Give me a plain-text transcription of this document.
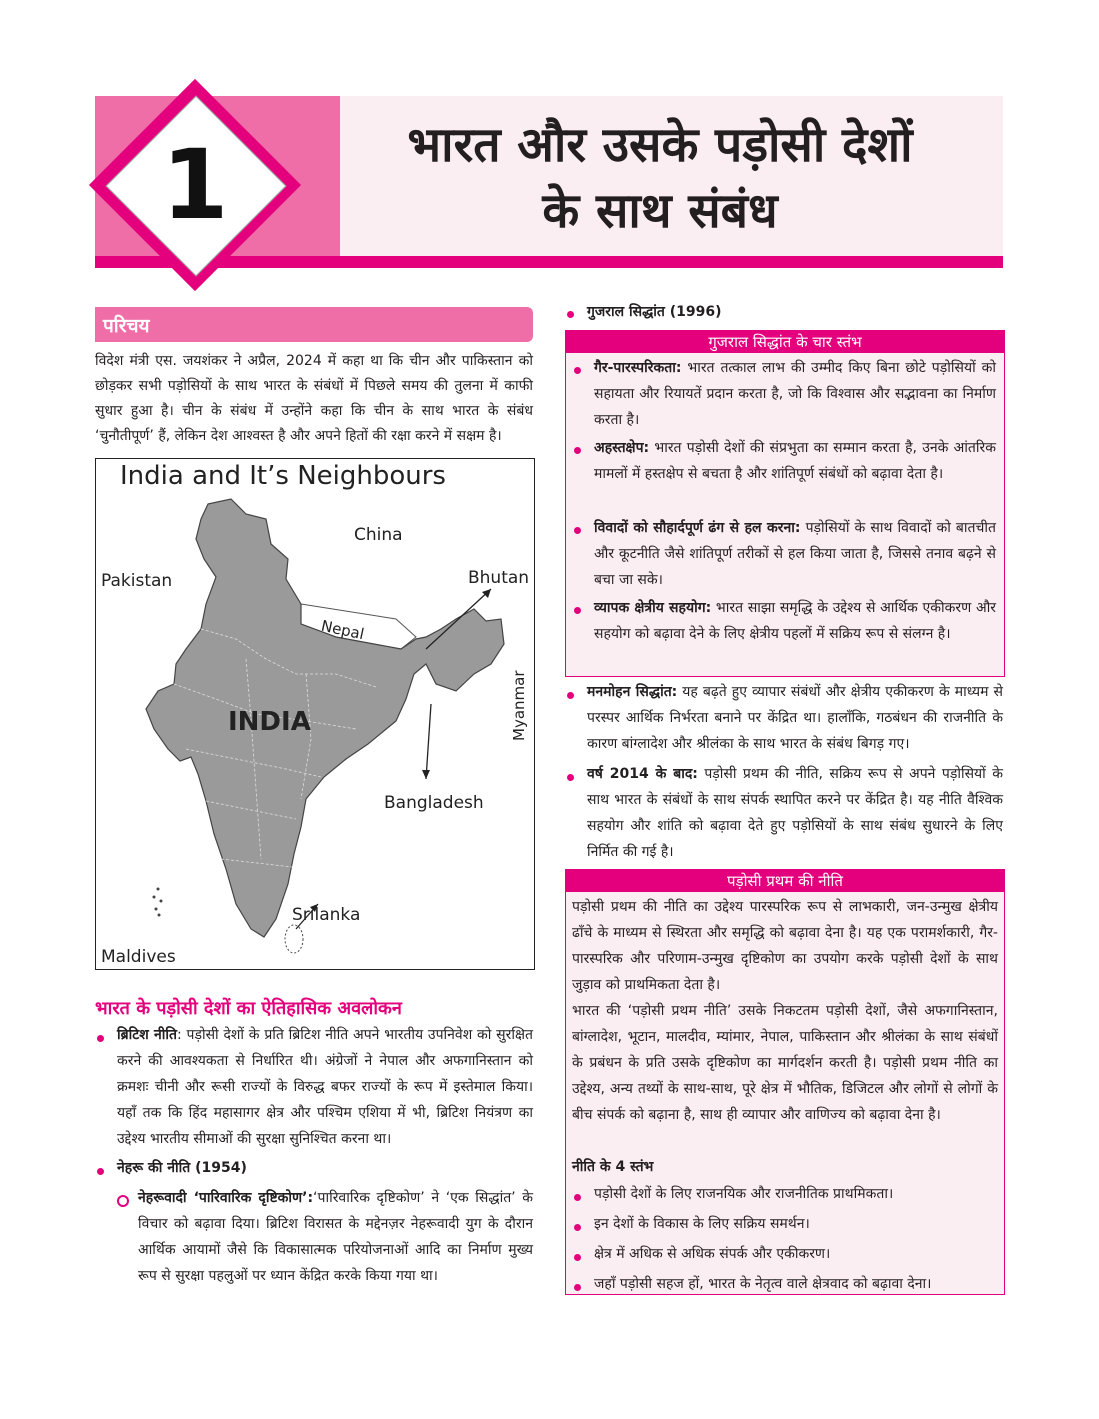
1	भारत और उसके पड़ोसी देशों
के साथ संबंध
परिचय
विदेश मंत्री एस. जयशंकर ने अप्रैल, 2024 में कहा था कि चीन और पाकिस्तान को छोड़कर सभी पड़ोसियों के साथ भारत के संबंधों में पिछले समय की तुलना में काफी सुधार हुआ है। चीन के संबंध में उन्होंने कहा कि चीन के साथ भारत के संबंध ‘चुनौतीपूर्ण’ हैं, लेकिन देश आश्वस्त है और अपने हितों की रक्षा करने में सक्षम है।
India and It’s Neighbours
China
Pakistan	Bhutan
Nepal
Myanmar
INDIA
Bangladesh
Srilanka
Maldives
भारत के पड़ोसी देशों का ऐतिहासिक अवलोकन
ब्रिटिश नीति: पड़ोसी देशों के प्रति ब्रिटिश नीति अपने भारतीय उपनिवेश को सुरक्षित करने की आवश्यकता से निर्धारित थी। अंग्रेजों ने नेपाल और अफगानिस्तान को क्रमशः चीनी और रूसी राज्यों के विरुद्ध बफर राज्यों के रूप में इस्तेमाल किया। यहाँ तक कि हिंद महासागर क्षेत्र और पश्चिम एशिया में भी, ब्रिटिश नियंत्रण का उद्देश्य भारतीय सीमाओं की सुरक्षा सुनिश्चित करना था।
नेहरू की नीति (1954)
नेहरूवादी ‘पारिवारिक दृष्टिकोण’:‘पारिवारिक दृष्टिकोण’ ने ‘एक सिद्धांत’ के विचार को बढ़ावा दिया। ब्रिटिश विरासत के मद्देनज़र नेहरूवादी युग के दौरान आर्थिक आयामों जैसे कि विकासात्मक परियोजनाओं आदि का निर्माण मुख्य रूप से सुरक्षा पहलुओं पर ध्यान केंद्रित करके किया गया था।
गुजराल सिद्धांत (1996)
गुजराल सिद्धांत के चार स्तंभ
गैर-पारस्परिकता: भारत तत्काल लाभ की उम्मीद किए बिना छोटे पड़ोसियों को सहायता और रियायतें प्रदान करता है, जो कि विश्वास और सद्भावना का निर्माण करता है।
अहस्तक्षेप: भारत पड़ोसी देशों की संप्रभुता का सम्मान करता है, उनके आंतरिक मामलों में हस्तक्षेप से बचता है और शांतिपूर्ण संबंधों को बढ़ावा देता है।
विवादों को सौहार्दपूर्ण ढंग से हल करना: पड़ोसियों के साथ विवादों को बातचीत और कूटनीति जैसे शांतिपूर्ण तरीकों से हल किया जाता है, जिससे तनाव बढ़ने से बचा जा सके।
व्यापक क्षेत्रीय सहयोग: भारत साझा समृद्धि के उद्देश्य से आर्थिक एकीकरण और सहयोग को बढ़ावा देने के लिए क्षेत्रीय पहलों में सक्रिय रूप से संलग्न है।
मनमोहन सिद्धांत: यह बढ़ते हुए व्यापार संबंधों और क्षेत्रीय एकीकरण के माध्यम से परस्पर आर्थिक निर्भरता बनाने पर केंद्रित था। हालाँकि, गठबंधन की राजनीति के कारण बांग्लादेश और श्रीलंका के साथ भारत के संबंध बिगड़ गए।
वर्ष 2014 के बाद: पड़ोसी प्रथम की नीति, सक्रिय रूप से अपने पड़ोसियों के साथ भारत के संबंधों के साथ संपर्क स्थापित करने पर केंद्रित है। यह नीति वैश्विक सहयोग और शांति को बढ़ावा देते हुए पड़ोसियों के साथ संबंध सुधारने के लिए निर्मित की गई है।
पड़ोसी प्रथम की नीति
पड़ोसी प्रथम की नीति का उद्देश्य पारस्परिक रूप से लाभकारी, जन-उन्मुख क्षेत्रीय ढाँचे के माध्यम से स्थिरता और समृद्धि को बढ़ावा देना है। यह एक परामर्शकारी, गैर-पारस्परिक और परिणाम-उन्मुख दृष्टिकोण का उपयोग करके पड़ोसी देशों के साथ जुड़ाव को प्राथमिकता देता है।
भारत की ‘पड़ोसी प्रथम नीति’ उसके निकटतम पड़ोसी देशों, जैसे अफगानिस्तान, बांग्लादेश, भूटान, मालदीव, म्यांमार, नेपाल, पाकिस्तान और श्रीलंका के साथ संबंधों के प्रबंधन के प्रति उसके दृष्टिकोण का मार्गदर्शन करती है। पड़ोसी प्रथम नीति का उद्देश्य, अन्य तथ्यों के साथ-साथ, पूरे क्षेत्र में भौतिक, डिजिटल और लोगों से लोगों के बीच संपर्क को बढ़ाना है, साथ ही व्यापार और वाणिज्य को बढ़ावा देना है।
नीति के 4 स्तंभ
पड़ोसी देशों के लिए राजनयिक और राजनीतिक प्राथमिकता।
इन देशों के विकास के लिए सक्रिय समर्थन।
क्षेत्र में अधिक से अधिक संपर्क और एकीकरण।
जहाँ पड़ोसी सहज हों, भारत के नेतृत्व वाले क्षेत्रवाद को बढ़ावा देना।
